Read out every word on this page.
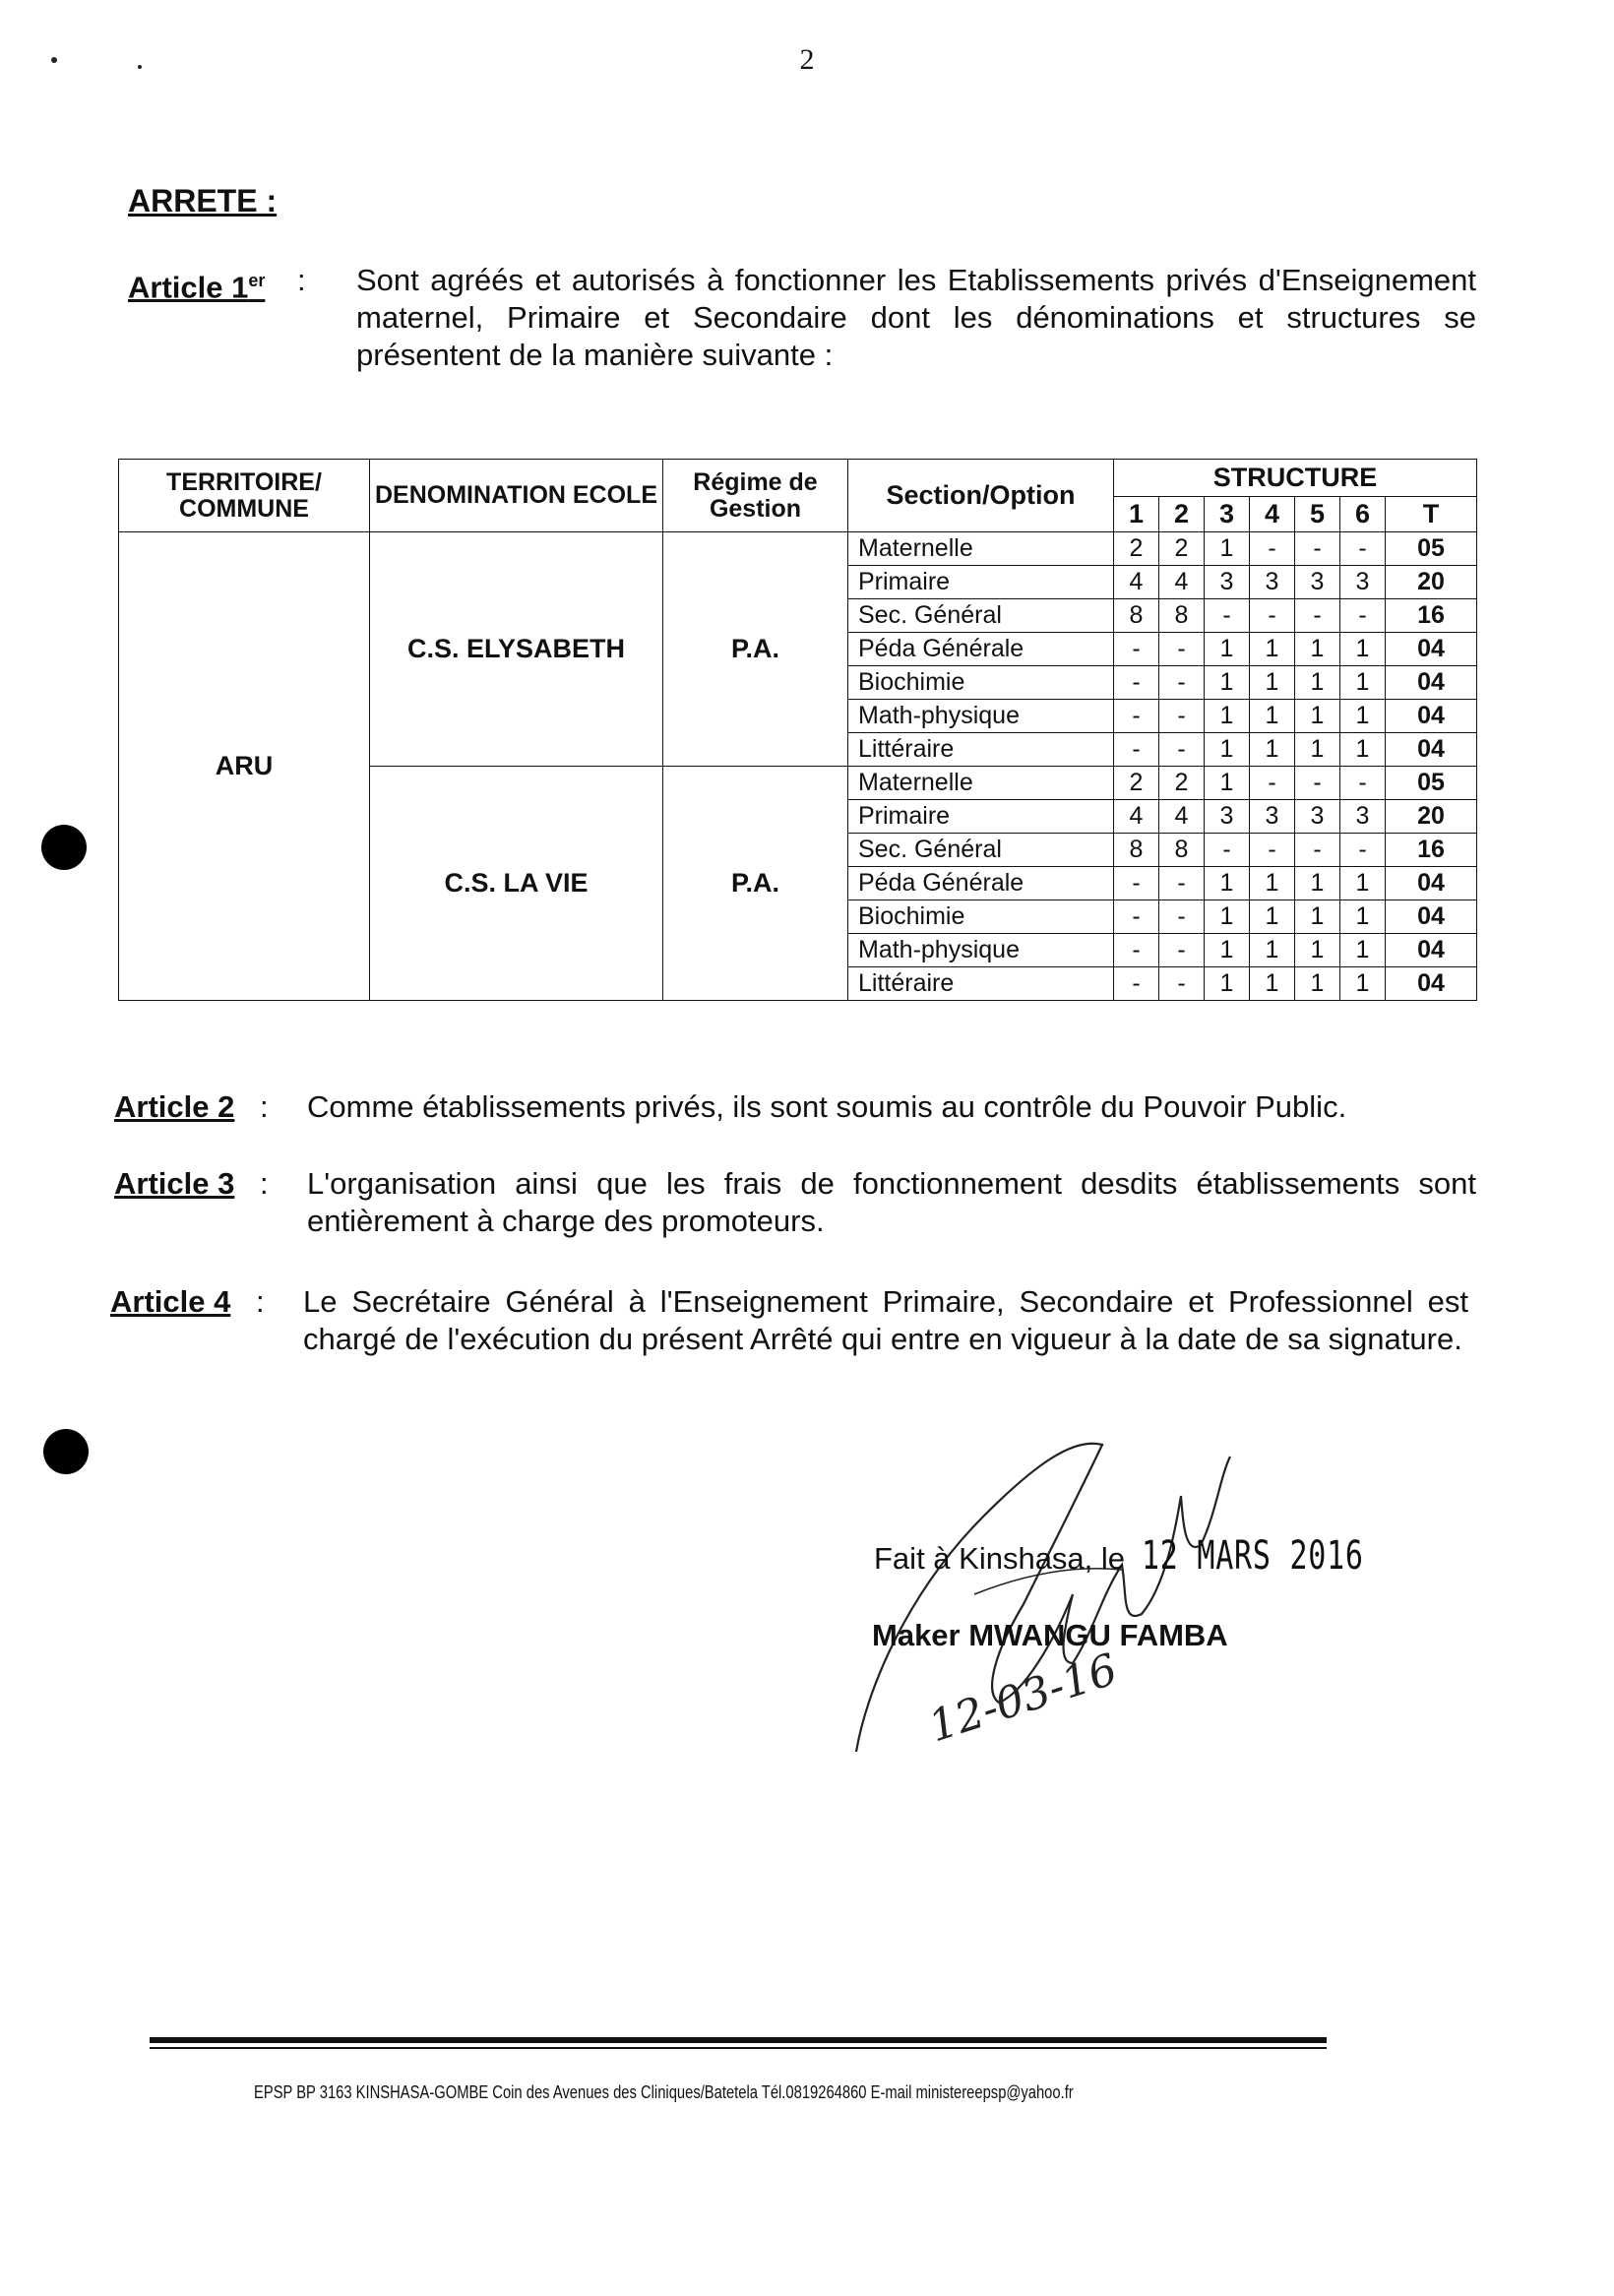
2
ARRETE :
Article 1er : Sont agréés et autorisés à fonctionner les Etablissements privés d'Enseignement maternel, Primaire et Secondaire dont les dénominations et structures se présentent de la manière suivante :
TERRITOIRE/ COMMUNE	DENOMINATION ECOLE	Régime de Gestion	Section/Option	STRUCTURE						
				1	2	3	4	5	6	T
ARU	C.S. ELYSABETH	P.A.	Maternelle	2	2	1	-	-	-	05
			Primaire	4	4	3	3	3	3	20
			Sec. Général	8	8	-	-	-	-	16
			Péda Générale	-	-	1	1	1	1	04
			Biochimie	-	-	1	1	1	1	04
			Math-physique	-	-	1	1	1	1	04
			Littéraire	-	-	1	1	1	1	04
	C.S. LA VIE	P.A.	Maternelle	2	2	1	-	-	-	05
			Primaire	4	4	3	3	3	3	20
			Sec. Général	8	8	-	-	-	-	16
			Péda Générale	-	-	1	1	1	1	04
			Biochimie	-	-	1	1	1	1	04
			Math-physique	-	-	1	1	1	1	04
			Littéraire	-	-	1	1	1	1	04
Article 2 : Comme établissements privés, ils sont soumis au contrôle du Pouvoir Public.
Article 3 : L'organisation ainsi que les frais de fonctionnement desdits établissements sont entièrement à charge des promoteurs.
Article 4 : Le Secrétaire Général à l'Enseignement Primaire, Secondaire et Professionnel est chargé de l'exécution du présent Arrêté qui entre en vigueur à la date de sa signature.
12-03-16
Fait à Kinshasa, le 12 MARS 2016
Maker MWANGU FAMBA
EPSP BP 3163 KINSHASA-GOMBE Coin des Avenues des Cliniques/Batetela Tél.0819264860 E-mail ministereepsp@yahoo.fr
